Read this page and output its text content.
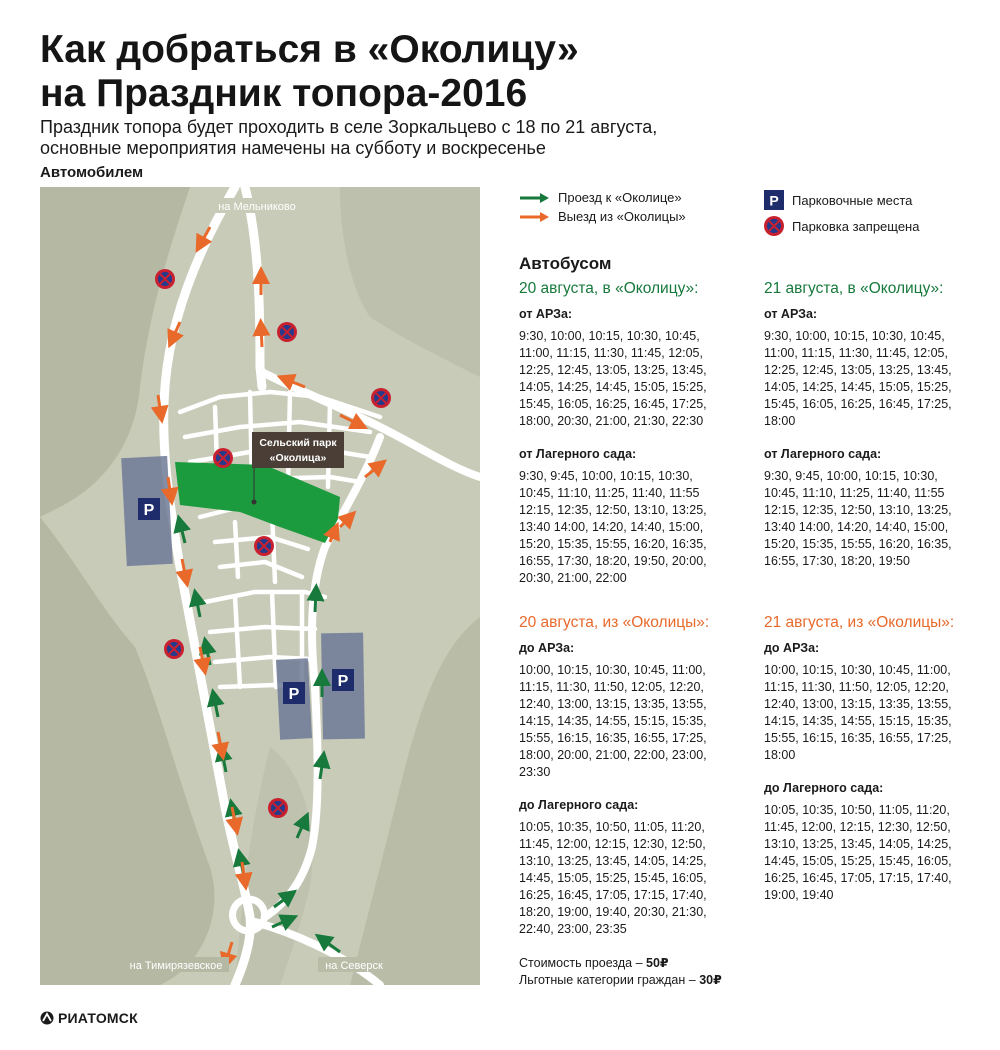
Как добраться в «Околицу»
на Праздник топора-2016
Праздник топора будет проходить в селе Зоркальцево с 18 по 21 августа,
основные мероприятия намечены на субботу и воскресенье
Автомобилем
P
P
P
на Мельниково
на Тимирязевское	на Северск
Сельский парк
«Околица»
Проезд к «Околице»
Выезд из «Околицы»
P Парковочные места
Парковка запрещена
Автобусом
20 августа, в «Околицу»:
от АРЗа:
9:30, 10:00, 10:15, 10:30, 10:45,
11:00, 11:15, 11:30, 11:45, 12:05,
12:25, 12:45, 13:05, 13:25, 13:45,
14:05, 14:25, 14:45, 15:05, 15:25,
15:45, 16:05, 16:25, 16:45, 17:25,
18:00, 20:30, 21:00, 21:30, 22:30
от Лагерного сада:
9:30, 9:45, 10:00, 10:15, 10:30,
10:45, 11:10, 11:25, 11:40, 11:55
12:15, 12:35, 12:50, 13:10, 13:25,
13:40 14:00, 14:20, 14:40, 15:00,
15:20, 15:35, 15:55, 16:20, 16:35,
16:55, 17:30, 18:20, 19:50, 20:00,
20:30, 21:00, 22:00
21 августа, в «Околицу»:
от АРЗа:
9:30, 10:00, 10:15, 10:30, 10:45,
11:00, 11:15, 11:30, 11:45, 12:05,
12:25, 12:45, 13:05, 13:25, 13:45,
14:05, 14:25, 14:45, 15:05, 15:25,
15:45, 16:05, 16:25, 16:45, 17:25,
18:00
от Лагерного сада:
9:30, 9:45, 10:00, 10:15, 10:30,
10:45, 11:10, 11:25, 11:40, 11:55
12:15, 12:35, 12:50, 13:10, 13:25,
13:40 14:00, 14:20, 14:40, 15:00,
15:20, 15:35, 15:55, 16:20, 16:35,
16:55, 17:30, 18:20, 19:50
20 августа, из «Околицы»:
до АРЗа:
10:00, 10:15, 10:30, 10:45, 11:00,
11:15, 11:30, 11:50, 12:05, 12:20,
12:40, 13:00, 13:15, 13:35, 13:55,
14:15, 14:35, 14:55, 15:15, 15:35,
15:55, 16:15, 16:35, 16:55, 17:25,
18:00, 20:00, 21:00, 22:00, 23:00,
23:30
до Лагерного сада:
10:05, 10:35, 10:50, 11:05, 11:20,
11:45, 12:00, 12:15, 12:30, 12:50,
13:10, 13:25, 13:45, 14:05, 14:25,
14:45, 15:05, 15:25, 15:45, 16:05,
16:25, 16:45, 17:05, 17:15, 17:40,
18:20, 19:00, 19:40, 20:30, 21:30,
22:40, 23:00, 23:35
21 августа, из «Околицы»:
до АРЗа:
10:00, 10:15, 10:30, 10:45, 11:00,
11:15, 11:30, 11:50, 12:05, 12:20,
12:40, 13:00, 13:15, 13:35, 13:55,
14:15, 14:35, 14:55, 15:15, 15:35,
15:55, 16:15, 16:35, 16:55, 17:25,
18:00
до Лагерного сада:
10:05, 10:35, 10:50, 11:05, 11:20,
11:45, 12:00, 12:15, 12:30, 12:50,
13:10, 13:25, 13:45, 14:05, 14:25,
14:45, 15:05, 15:25, 15:45, 16:05,
16:25, 16:45, 17:05, 17:15, 17:40,
19:00, 19:40
Стоимость проезда – 50₽
Льготные категории граждан – 30₽
РИАТОМСК
